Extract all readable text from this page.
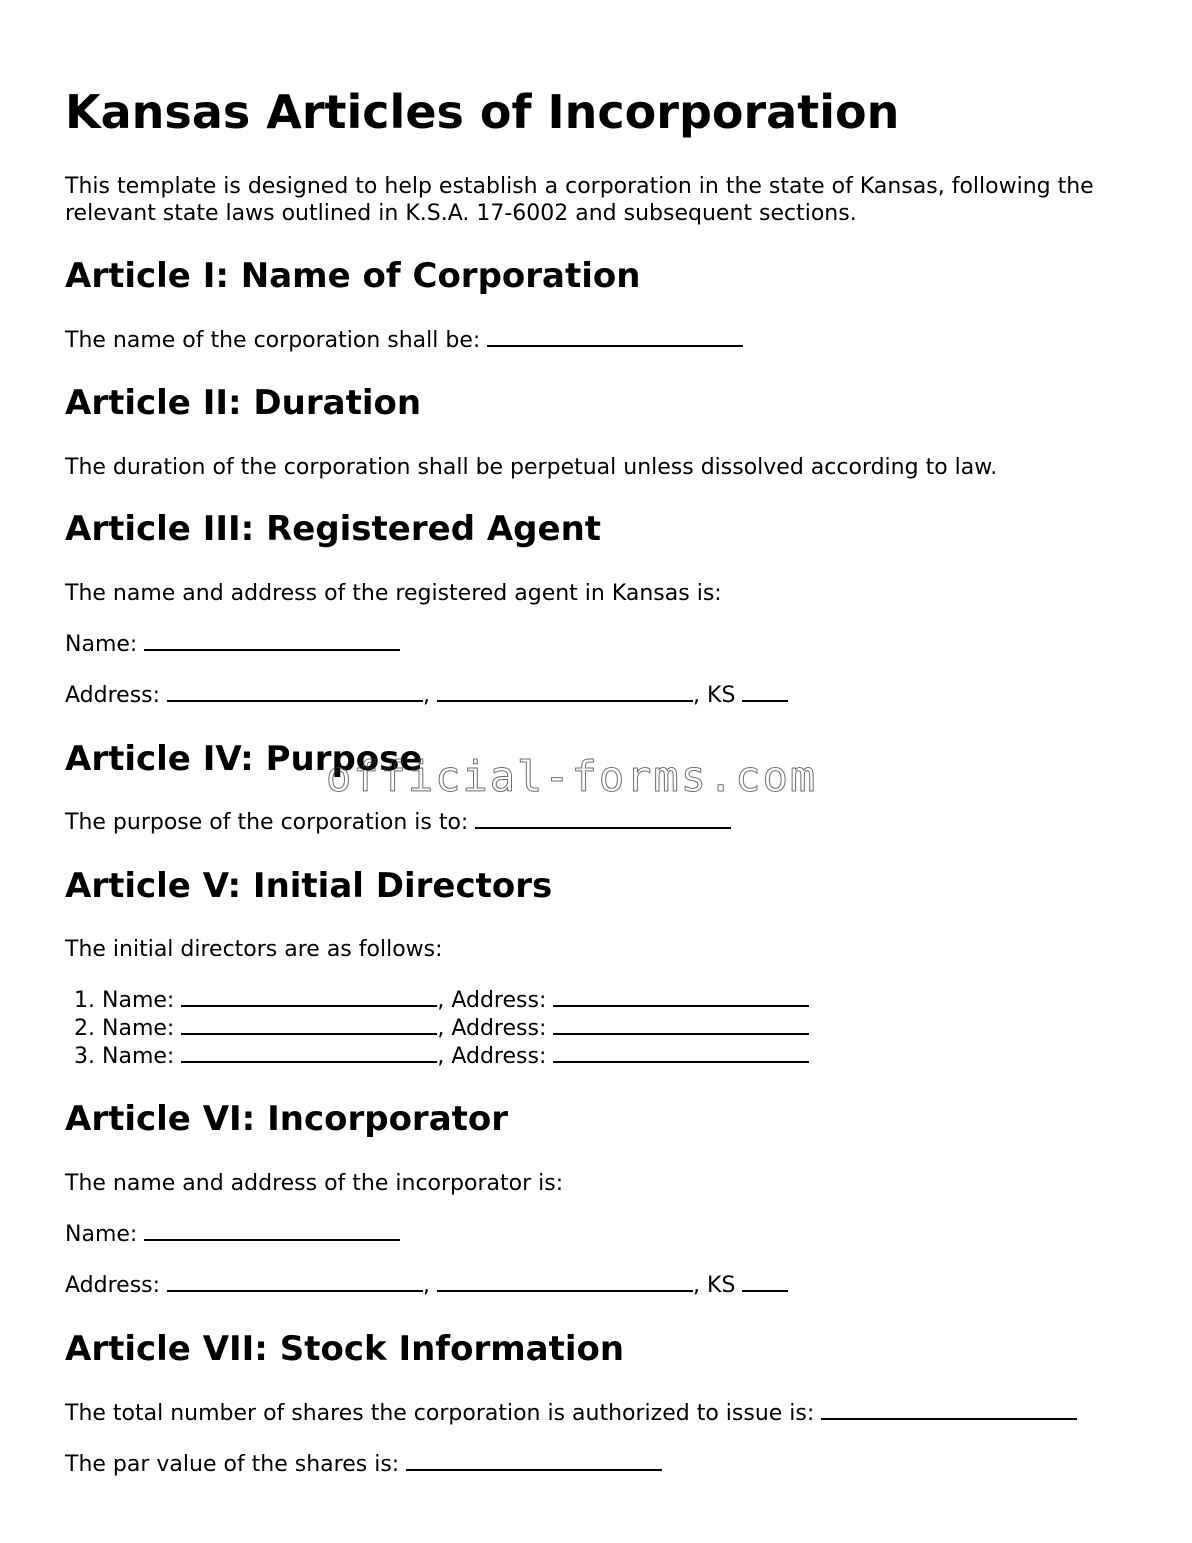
Kansas Articles of Incorporation

This template is designed to help establish a corporation in the state of Kansas, following the relevant state laws outlined in K.S.A. 17-6002 and subsequent sections.

Article I: Name of Corporation

The name of the corporation shall be:

Article II: Duration

The duration of the corporation shall be perpetual unless dissolved according to law.

Article III: Registered Agent

The name and address of the registered agent in Kansas is:

Name:

Address:	,	, KS

Article IV: Purpose

The purpose of the corporation is to:

Article V: Initial Directors

The initial directors are as follows:

1. Name:	, Address:
2. Name:	, Address:
3. Name:	, Address:
Article VI: Incorporator

The name and address of the incorporator is:

Name:

Address:	,	, KS

Article VII: Stock Information

The total number of shares the corporation is authorized to issue is:

The par value of the shares is:

official-forms.com
